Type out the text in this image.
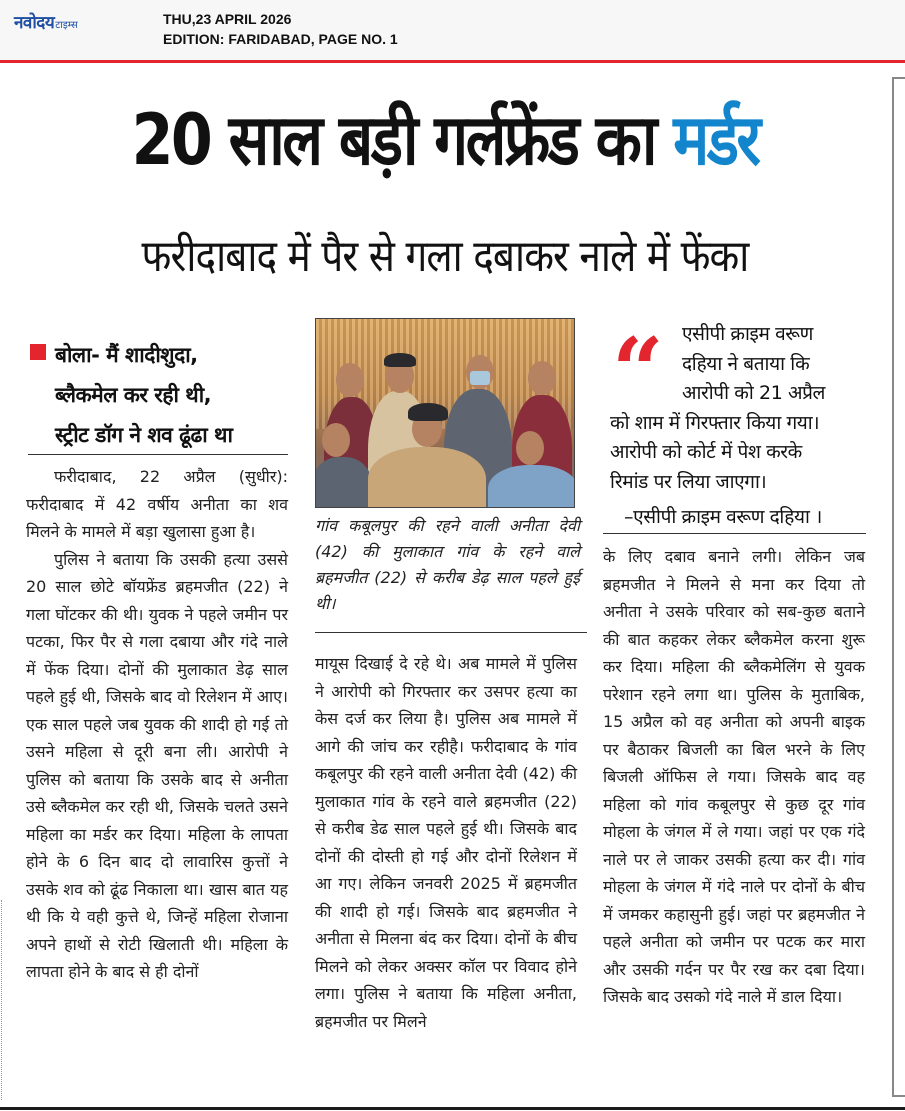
नवोदय टाइम्स	THU,23 APRIL 2026
EDITION: FARIDABAD, PAGE NO. 1
20 साल बड़ी गर्लफ्रेंड का मर्डर
फरीदाबाद में पैर से गला दबाकर नाले में फेंका
बोला- मैं शादीशुदा,
ब्लैकमेल कर रही थी,
स्ट्रीट डॉग ने शव ढूंढा था

फरीदाबाद, 22 अप्रैल (सुधीर): फरीदाबाद में 42 वर्षीय अनीता का शव मिलने के मामले में बड़ा खुलासा हुआ है।

पुलिस ने बताया कि उसकी हत्या उससे 20 साल छोटे बॉयफ्रेंड ब्रहमजीत (22) ने गला घोंटकर की थी। युवक ने पहले जमीन पर पटका, फिर पैर से गला दबाया और गंदे नाले में फेंक दिया। दोनों की मुलाकात डेढ़ साल पहले हुई थी, जिसके बाद वो रिलेशन में आए। एक साल पहले जब युवक की शादी हो गई तो उसने महिला से दूरी बना ली। आरोपी ने पुलिस को बताया कि उसके बाद से अनीता उसे ब्लैकमेल कर रही थी, जिसके चलते उसने महिला का मर्डर कर दिया। महिला के लापता होने के 6 दिन बाद दो लावारिस कुत्तों ने उसके शव को ढूंढ निकाला था। खास बात यह थी कि ये वही कुत्ते थे, जिन्हें महिला रोजाना अपने हाथों से रोटी खिलाती थी। महिला के लापता होने के बाद से ही दोनों

गांव कबूलपुर की रहने वाली अनीता देवी (42) की मुलाकात गांव के रहने वाले ब्रहमजीत (22) से करीब डेढ़ साल पहले हुई थी।

मायूस दिखाई दे रहे थे। अब मामले में पुलिस ने आरोपी को गिरफ्तार कर उसपर हत्या का केस दर्ज कर लिया है। पुलिस अब मामले में आगे की जांच कर रहीहै। फरीदाबाद के गांव कबूलपुर की रहने वाली अनीता देवी (42) की मुलाकात गांव के रहने वाले ब्रहमजीत (22) से करीब डेढ साल पहले हुई थी। जिसके बाद दोनों की दोस्ती हो गई और दोनों रिलेशन में आ गए। लेकिन जनवरी 2025 में ब्रहमजीत की शादी हो गई। जिसके बाद ब्रहमजीत ने अनीता से मिलना बंद कर दिया। दोनों के बीच मिलने को लेकर अक्सर कॉल पर विवाद होने लगा। पुलिस ने बताया कि महिला अनीता, ब्रहमजीत पर मिलने

“	एसीपी क्राइम वरूण
दहिया ने बताया कि
आरोपी को 21 अप्रैल
को शाम में गिरफ्तार किया गया।
आरोपी को कोर्ट में पेश करके
रिमांड पर लिया जाएगा।
–एसीपी क्राइम वरूण दहिया ।

के लिए दबाव बनाने लगी। लेकिन जब ब्रहमजीत ने मिलने से मना कर दिया तो अनीता ने उसके परिवार को सब-कुछ बताने की बात कहकर लेकर ब्लैकमेल करना शुरू कर दिया। महिला की ब्लैकमेलिंग से युवक परेशान रहने लगा था। पुलिस के मुताबिक, 15 अप्रैल को वह अनीता को अपनी बाइक पर बैठाकर बिजली का बिल भरने के लिए बिजली ऑफिस ले गया। जिसके बाद वह महिला को गांव कबूलपुर से कुछ दूर गांव मोहला के जंगल में ले गया। जहां पर एक गंदे नाले पर ले जाकर उसकी हत्या कर दी। गांव मोहला के जंगल में गंदे नाले पर दोनों के बीच में जमकर कहासुनी हुई। जहां पर ब्रहमजीत ने पहले अनीता को जमीन पर पटक कर मारा और उसकी गर्दन पर पैर रख कर दबा दिया। जिसके बाद उसको गंदे नाले में डाल दिया।
